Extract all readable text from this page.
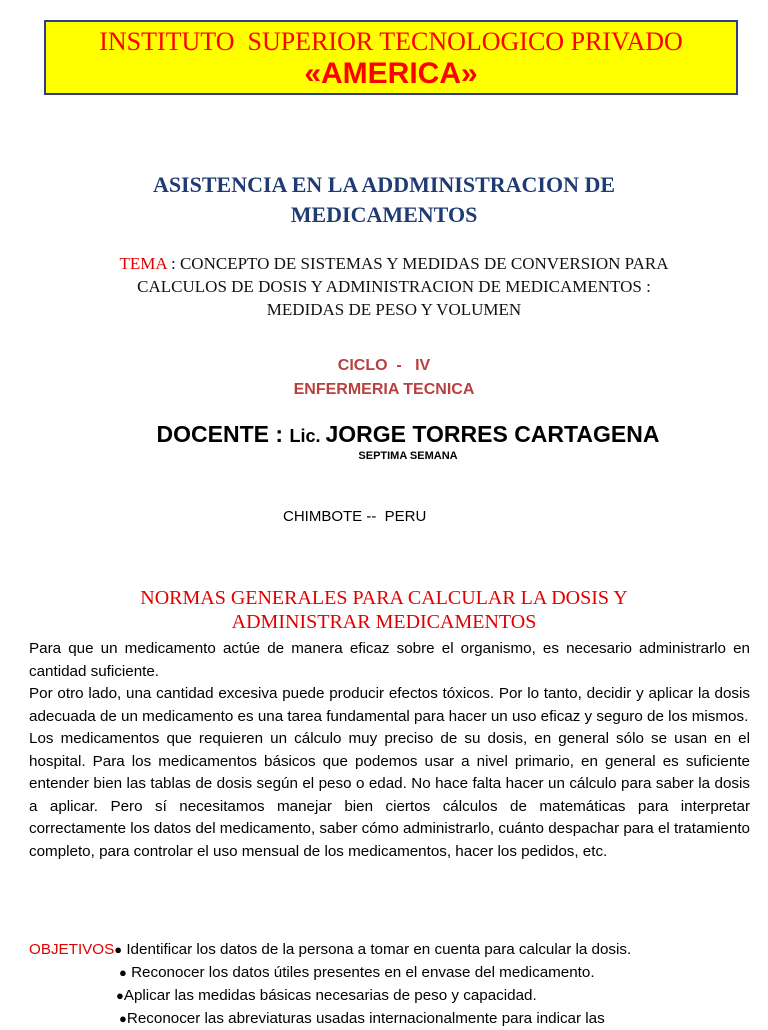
INSTITUTO  SUPERIOR TECNOLOGICO PRIVADO
«AMERICA»
ASISTENCIA EN LA ADDMINISTRACION DE
MEDICAMENTOS
TEMA : CONCEPTO DE SISTEMAS Y MEDIDAS DE CONVERSION PARA
CALCULOS DE DOSIS Y ADMINISTRACION DE MEDICAMENTOS :
MEDIDAS DE PESO Y VOLUMEN
CICLO  -   IV
ENFERMERIA TECNICA
DOCENTE : Lic. JORGE TORRES CARTAGENA
SEPTIMA SEMANA
CHIMBOTE --  PERU
NORMAS GENERALES PARA CALCULAR LA DOSIS Y
ADMINISTRAR MEDICAMENTOS

Para que un medicamento actúe de manera eficaz sobre el organismo, es necesario administrarlo en cantidad suficiente.

Por otro lado, una cantidad excesiva puede producir efectos tóxicos. Por lo tanto, decidir y aplicar la dosis adecuada de un medicamento es una tarea fundamental para hacer un uso eficaz y seguro de los mismos.

Los medicamentos que requieren un cálculo muy preciso de su dosis, en general sólo se usan en el hospital. Para los medicamentos básicos que podemos usar a nivel primario, en general es suficiente entender bien las tablas de dosis según el peso o edad. No hace falta hacer un cálculo para saber la dosis a aplicar. Pero sí necesitamos manejar bien ciertos cálculos de matemáticas para interpretar correctamente los datos del medicamento, saber cómo administrarlo, cuánto despachar para el tratamiento completo, para controlar el uso mensual de los medicamentos, hacer los pedidos, etc.

OBJETIVOS● Identificar los datos de la persona a tomar en cuenta para calcular la dosis.
● Reconocer los datos útiles presentes en el envase del medicamento.
●Aplicar las medidas básicas necesarias de peso y capacidad.
●Reconocer las abreviaturas usadas internacionalmente para indicar las
